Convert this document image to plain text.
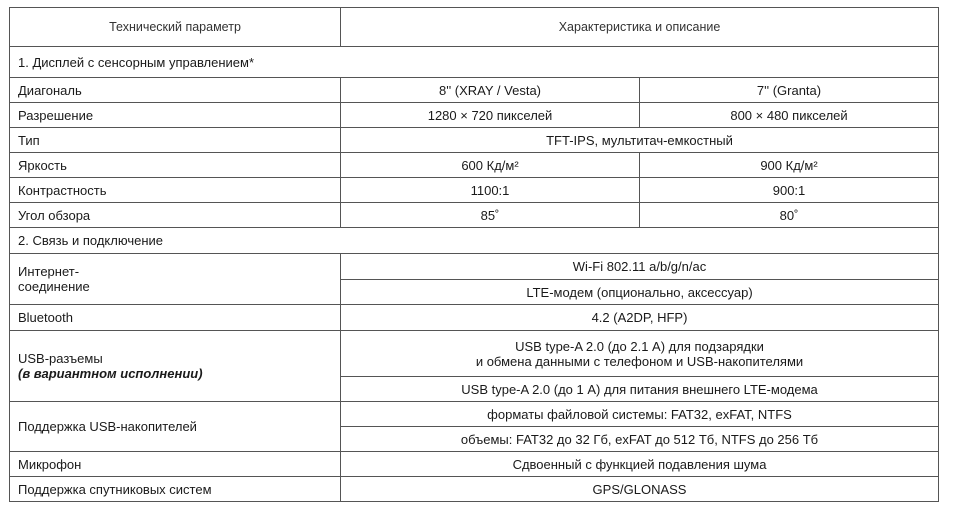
Технический параметр	Характеристика и описание	
1. Дисплей с сенсорным управлением*		
Диагональ	8'' (XRAY / Vesta)	7'' (Granta)
Разрешение	1280 × 720 пикселей	800 × 480 пикселей
Тип	TFT-IPS, мультитач-емкостный	
Яркость	600 Кд/м²	900 Кд/м²
Контрастность	1100:1	900:1
Угол обзора	85˚	80˚
2. Связь и подключение		

Интернет-
соединение	Wi-Fi 802.11 a/b/g/n/ac	
	LTE-модем (опционально, аксессуар)	
Bluetooth	4.2 (A2DP, HFP)	

USB-разъемы
(в вариантном исполнении)	USB type-A 2.0 (до 2.1 А) для подзарядки
и обмена данными с телефоном и USB-накопителями	

	USB type-A 2.0 (до 1 А) для питания внешнего LTE-модема	
Поддержка USB-накопителей	форматы файловой системы: FAT32, exFAT, NTFS	
	объемы: FAT32 до 32 Гб, exFAT до 512 Тб, NTFS до 256 Тб	
Микрофон	Сдвоенный с функцией подавления шума	
Поддержка спутниковых систем	GPS/GLONASS	
